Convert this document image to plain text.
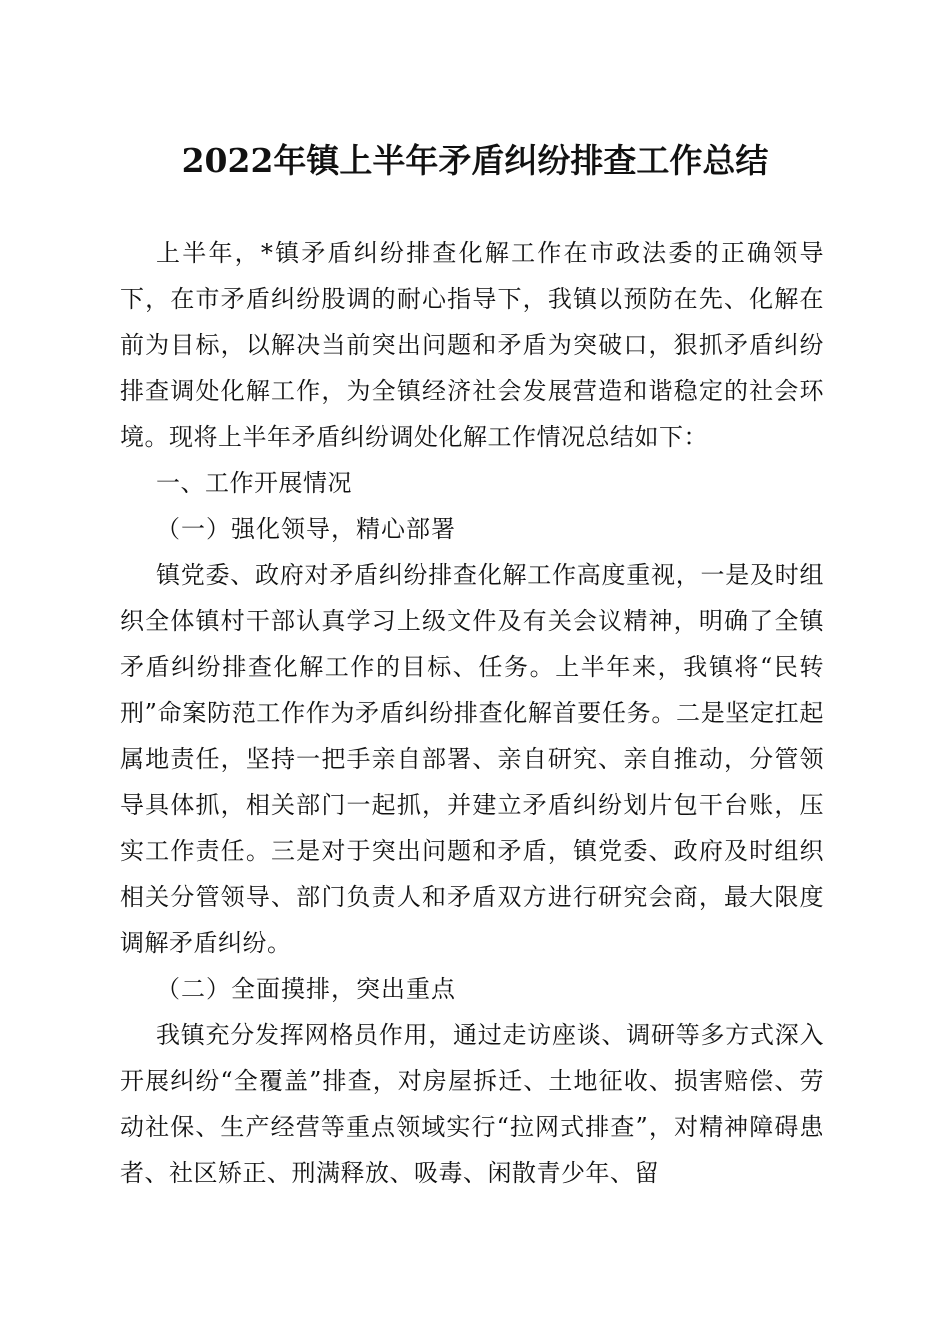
2022年镇上半年矛盾纠纷排查工作总结

上半年，*镇矛盾纠纷排查化解工作在市政法委的正确领导下，在市矛盾纠纷股调的耐心指导下，我镇以预防在先、化解在前为目标，以解决当前突出问题和矛盾为突破口，狠抓矛盾纠纷排查调处化解工作，为全镇经济社会发展营造和谐稳定的社会环境。现将上半年矛盾纠纷调处化解工作情况总结如下：

一、工作开展情况

（一）强化领导，精心部署

镇党委、政府对矛盾纠纷排查化解工作高度重视，一是及时组织全体镇村干部认真学习上级文件及有关会议精神，明确了全镇矛盾纠纷排查化解工作的目标、任务。上半年来，我镇将“民转刑”命案防范工作作为矛盾纠纷排查化解首要任务。二是坚定扛起属地责任，坚持一把手亲自部署、亲自研究、亲自推动，分管领导具体抓，相关部门一起抓，并建立矛盾纠纷划片包干台账，压实工作责任。三是对于突出问题和矛盾，镇党委、政府及时组织相关分管领导、部门负责人和矛盾双方进行研究会商，最大限度调解矛盾纠纷。

（二）全面摸排，突出重点

我镇充分发挥网格员作用，通过走访座谈、调研等多方式深入开展纠纷“全覆盖”排查，对房屋拆迁、土地征收、损害赔偿、劳动社保、生产经营等重点领域实行“拉网式排查”，对精神障碍患者、社区矫正、刑满释放、吸毒、闲散青少年、留
